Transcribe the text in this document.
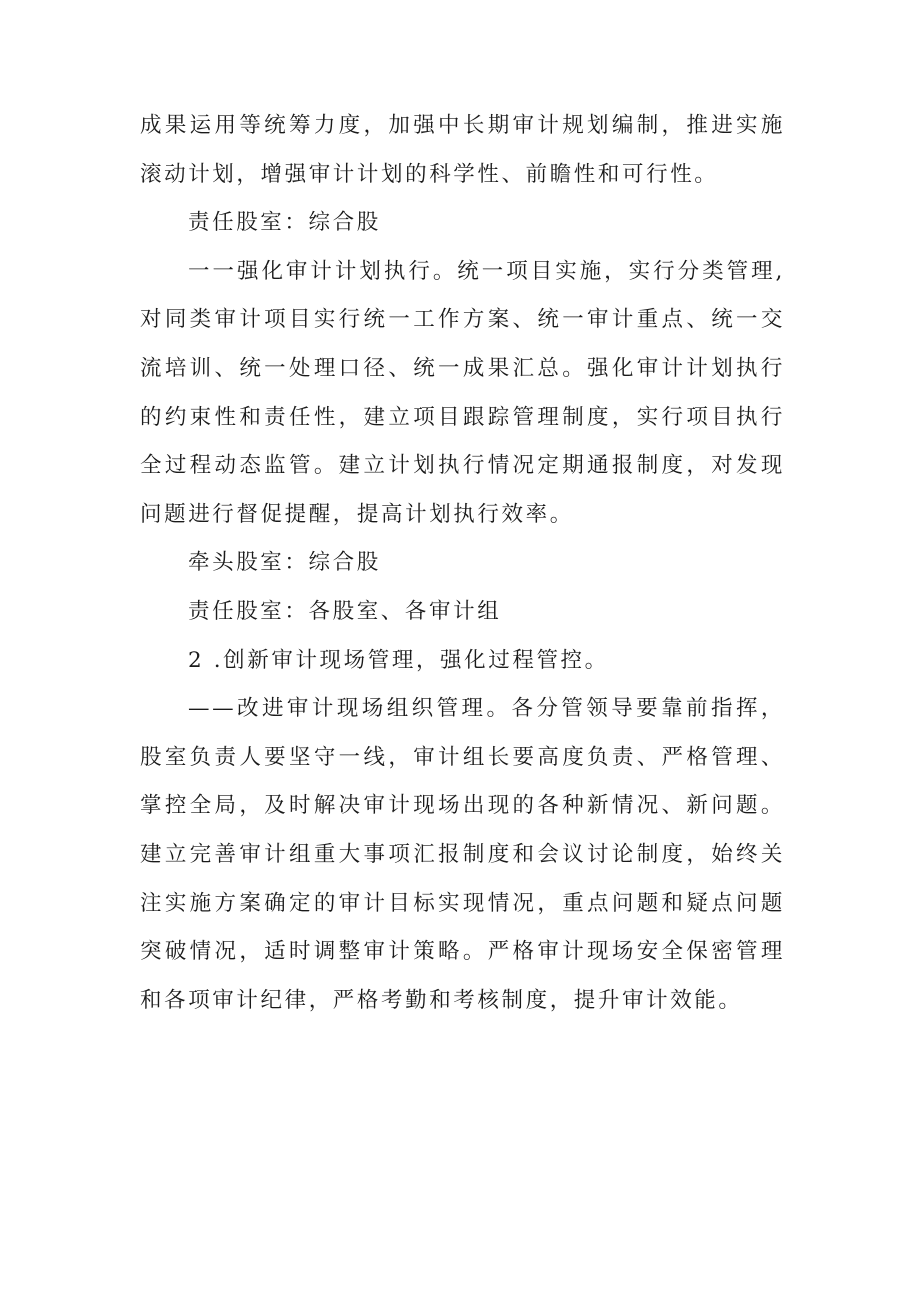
成果运用等统筹力度，加强中长期审计规划编制，推进实施滚动计划，增强审计计划的科学性、前瞻性和可行性。

责任股室：综合股

一一强化审计计划执行。统一项目实施，实行分类管理,对同类审计项目实行统一工作方案、统一审计重点、统一交流培训、统一处理口径、统一成果汇总。强化审计计划执行的约束性和责任性，建立项目跟踪管理制度，实行项目执行全过程动态监管。建立计划执行情况定期通报制度，对发现问题进行督促提醒，提高计划执行效率。

牵头股室：综合股

责任股室：各股室、各审计组

2 .创新审计现场管理，强化过程管控。

——改进审计现场组织管理。各分管领导要靠前指挥，股室负责人要坚守一线，审计组长要高度负责、严格管理、掌控全局，及时解决审计现场出现的各种新情况、新问题。建立完善审计组重大事项汇报制度和会议讨论制度，始终关注实施方案确定的审计目标实现情况，重点问题和疑点问题突破情况，适时调整审计策略。严格审计现场安全保密管理和各项审计纪律，严格考勤和考核制度，提升审计效能。
